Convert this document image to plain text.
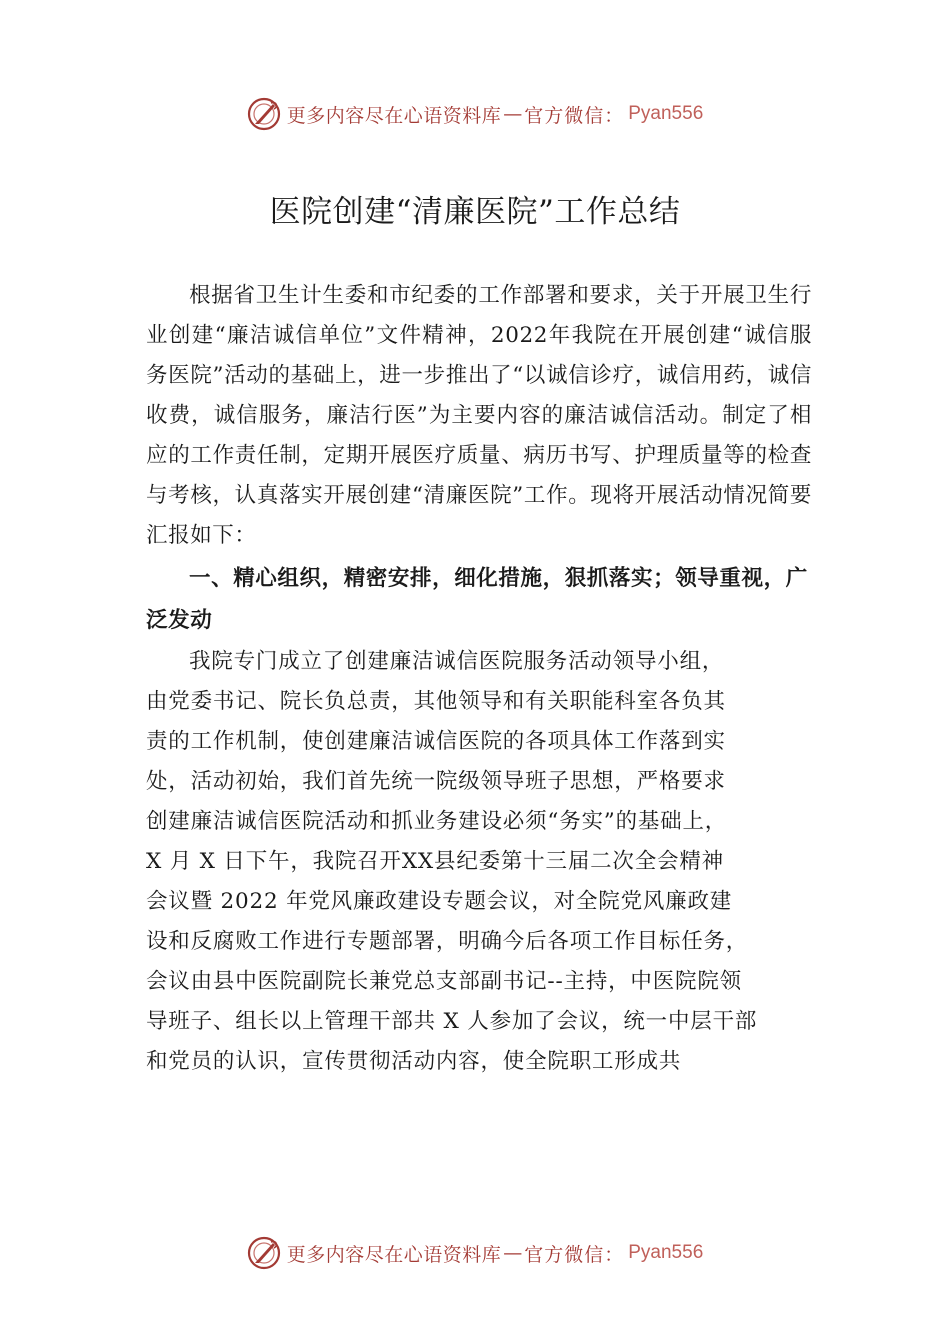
更多内容尽在心语资料库 — 官方微信： Pyan556
医院创建“清廉医院”工作总结

根据省卫生计生委和市纪委的工作部署和要求，关于开展卫生行业创建“廉洁诚信单位”文件精神，2022年我院在开展创建“诚信服务医院”活动的基础上，进一步推出了“以诚信诊疗，诚信用药，诚信收费，诚信服务，廉洁行医”为主要内容的廉洁诚信活动。制定了相应的工作责任制，定期开展医疗质量、病历书写、护理质量等的检查与考核，认真落实开展创建“清廉医院”工作。现将开展活动情况简要汇报如下：

一、精心组织，精密安排，细化措施，狠抓落实；领导重视，广泛发动

我院专门成立了创建廉洁诚信医院服务活动领导小组，

由党委书记、院长负总责，其他领导和有关职能科室各负其

责的工作机制，使创建廉洁诚信医院的各项具体工作落到实

处，活动初始，我们首先统一院级领导班子思想，严格要求

创建廉洁诚信医院活动和抓业务建设必须“务实”的基础上，

X 月 X 日下午，我院召开XX县纪委第十三届二次全会精神

会议暨 2022 年党风廉政建设专题会议，对全院党风廉政建

设和反腐败工作进行专题部署，明确今后各项工作目标任务，

会议由县中医院副院长兼党总支部副书记--主持，中医院院领

导班子、组长以上管理干部共 X 人参加了会议，统一中层干部

和党员的认识，宣传贯彻活动内容，使全院职工形成共

更多内容尽在心语资料库 — 官方微信： Pyan556
